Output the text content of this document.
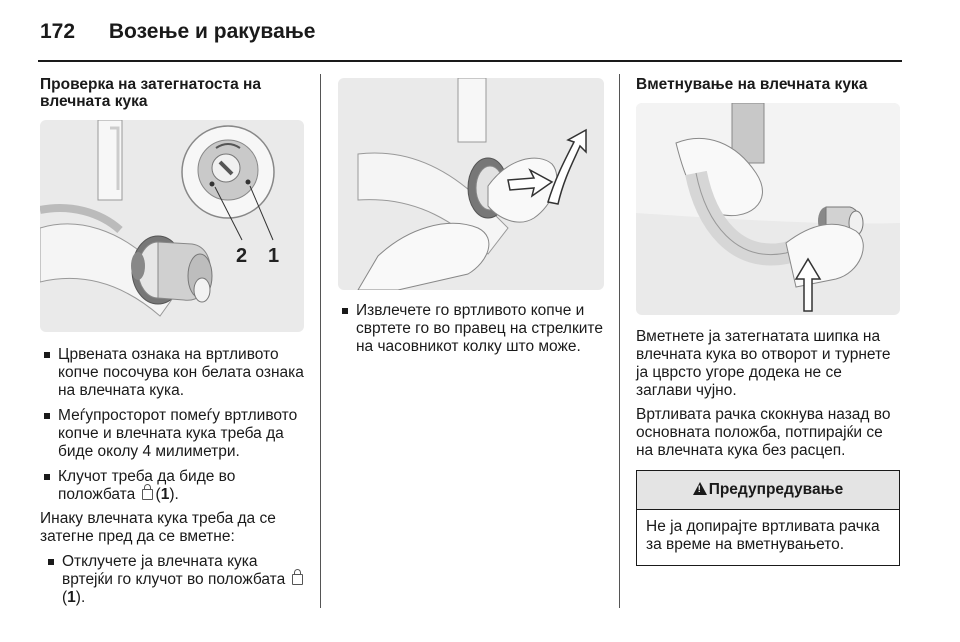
172 Возење и ракување
Проверка на затегнатоста на влечната кука
2 1
Црвената ознака на вртливото копче посочува кон белата ознака на влечната кука.
Меѓупросторот помеѓу вртливото копче и влечната кука треба да биде околу 4 милиметри.
Клучот треба да биде во положбата (1).

Инаку влечната кука треба да се затегне пред да се вметне:

Отклучете ја влечната кука вртејќи го клучот во положбата (1).
Извлечете го вртливото копче и свртете го во правец на стрелките на часовникот колку што може.
Вметнување на влечната кука

Вметнете ја затегнатата шипка на влечната кука во отворот и турнете ја цврсто угоре додека не се заглави чујно.

Вртливата рачка скокнува назад во основната положба, потпирајќи се на влечната кука без расцеп.

! Предупредување
Не ја допирајте вртливата рачка за време на вметнувањето.
